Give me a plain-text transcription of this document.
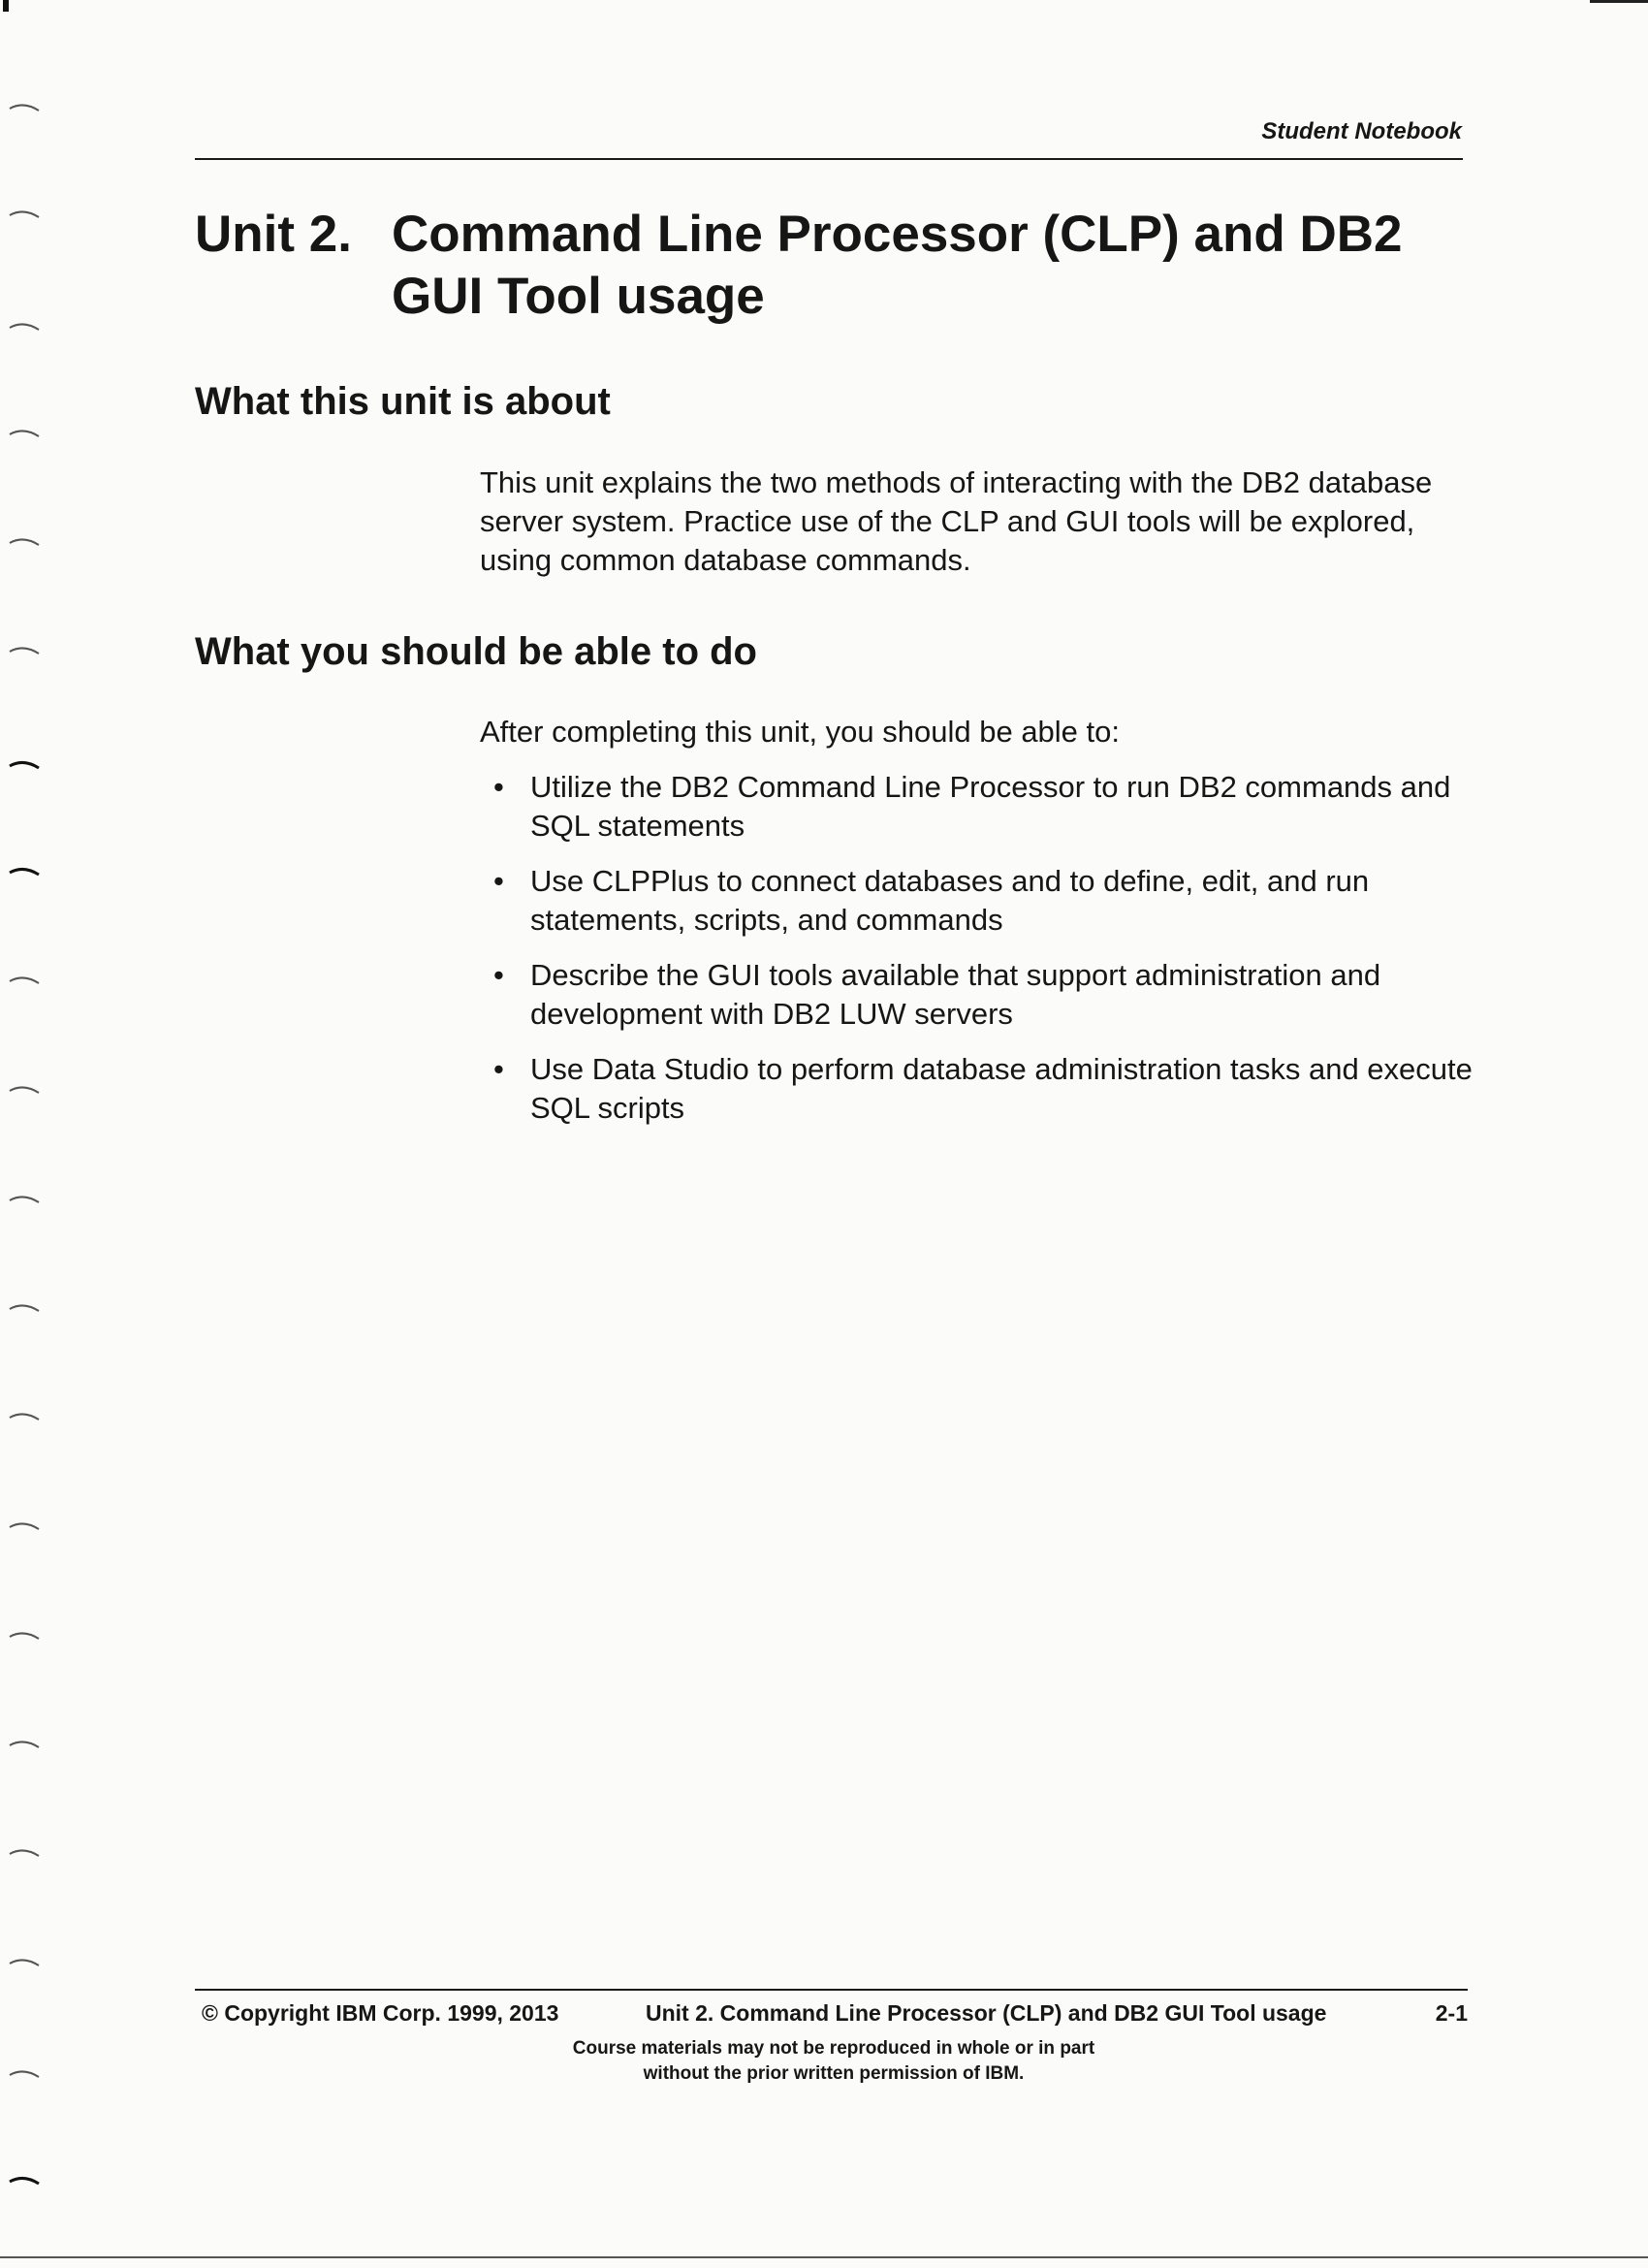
Student Notebook
Unit 2. Command Line Processor (CLP) and DB2 GUI Tool usage
What this unit is about

This unit explains the two methods of interacting with the DB2 database server system. Practice use of the CLP and GUI tools will be explored, using common database commands.

What you should be able to do

After completing this unit, you should be able to:

• Utilize the DB2 Command Line Processor to run DB2 commands and SQL statements
• Use CLPPlus to connect databases and to define, edit, and run statements, scripts, and commands
• Describe the GUI tools available that support administration and development with DB2 LUW servers
• Use Data Studio to perform database administration tasks and execute SQL scripts
© Copyright IBM Corp. 1999, 2013	Unit 2. Command Line Processor (CLP) and DB2 GUI Tool usage	2-1
Course materials may not be reproduced in whole or in part
without the prior written permission of IBM.
